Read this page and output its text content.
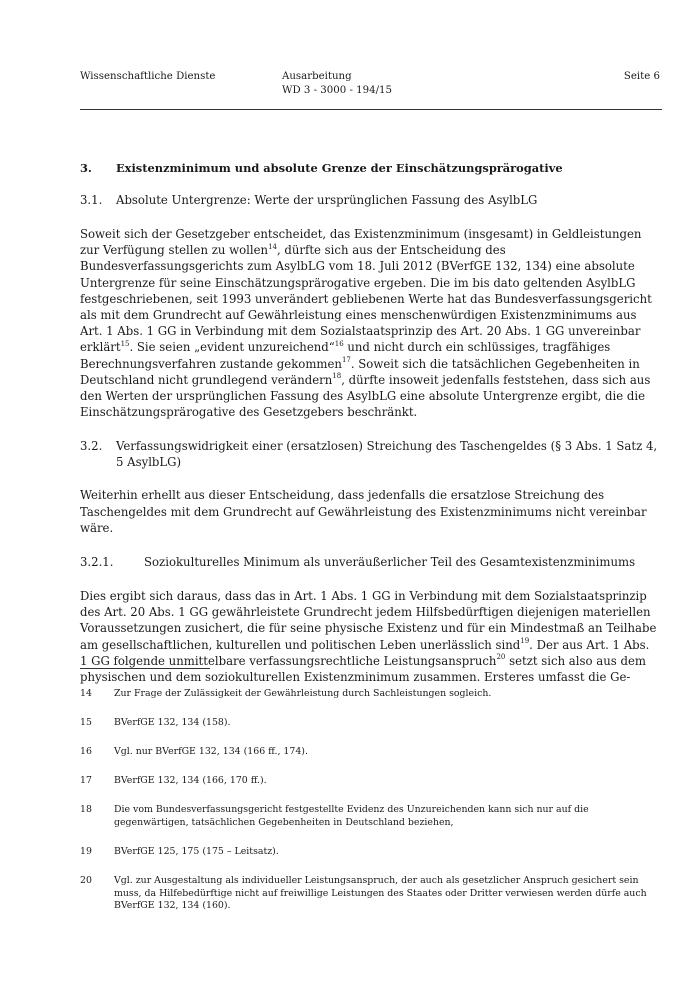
Wissenschaftliche Dienste	Ausarbeitung
WD 3 - 3000 - 194/15
Seite 6
3. Existenzminimum und absolute Grenze der Einschätzungsprärogative
3.1. Absolute Untergrenze: Werte der ursprünglichen Fassung des AsylbLG

Soweit sich der Gesetzgeber entscheidet, das Existenzminimum (insgesamt) in Geldleistungen zur Verfügung stellen zu wollen$^{14}$, dürfte sich aus der Entscheidung des Bundesverfassungsgerichts zum AsylbLG vom 18. Juli 2012 (BVerfGE 132, 134) eine absolute Untergrenze für seine Einschätzungsprärogative ergeben. Die im bis dato geltenden AsylbLG festgeschriebenen, seit 1993 unverändert gebliebenen Werte hat das Bundesverfassungsgericht als mit dem Grundrecht auf Gewährleistung eines menschenwürdigen Existenzminimums aus Art. 1 Abs. 1 GG in Verbindung mit dem Sozialstaatsprinzip des Art. 20 Abs. 1 GG unvereinbar erklärt$^{15}$. Sie seien „evident unzureichend“$^{16}$ und nicht durch ein schlüssiges, tragfähiges Berechnungsverfahren zustande gekommen$^{17}$. Soweit sich die tatsächlichen Gegebenheiten in Deutschland nicht grundlegend verändern$^{18}$, dürfte insoweit jedenfalls feststehen, dass sich aus den Werten der ursprünglichen Fassung des AsylbLG eine absolute Untergrenze ergibt, die die Einschätzungsprärogative des Gesetzgebers beschränkt.

3.2.	Verfassungswidrigkeit einer (ersatzlosen) Streichung des Taschengeldes (§ 3 Abs. 1 Satz 4, 5 AsylbLG)

Weiterhin erhellt aus dieser Entscheidung, dass jedenfalls die ersatzlose Streichung des Taschengeldes mit dem Grundrecht auf Gewährleistung des Existenzminimums nicht vereinbar wäre.

3.2.1.	Soziokulturelles Minimum als unveräußerlicher Teil des Gesamtexistenzminimums

Dies ergibt sich daraus, dass das in Art. 1 Abs. 1 GG in Verbindung mit dem Sozialstaatsprinzip des Art. 20 Abs. 1 GG gewährleistete Grundrecht jedem Hilfsbedürftigen diejenigen materiellen Voraussetzungen zusichert, die für seine physische Existenz und für ein Mindestmaß an Teilhabe am gesellschaftlichen, kulturellen und politischen Leben unerlässlich sind$^{19}$. Der aus Art. 1 Abs. 1 GG folgende unmittelbare verfassungsrechtliche Leistungsanspruch$^{20}$ setzt sich also aus dem physischen und dem soziokulturellen Existenzminimum zusammen. Ersteres umfasst die Ge-

14	Zur Frage der Zulässigkeit der Gewährleistung durch Sachleistungen sogleich.
15	BVerfGE 132, 134 (158).
16	Vgl. nur BVerfGE 132, 134 (166 ff., 174).
17	BVerfGE 132, 134 (166, 170 ff.).
18	Die vom Bundesverfassungsgericht festgestellte Evidenz des Unzureichenden kann sich nur auf die gegenwärtigen, tatsächlichen Gegebenheiten in Deutschland beziehen,
19	BVerfGE 125, 175 (175 – Leitsatz).
20	Vgl. zur Ausgestaltung als individueller Leistungsanspruch, der auch als gesetzlicher Anspruch gesichert sein muss, da Hilfebedürftige nicht auf freiwillige Leistungen des Staates oder Dritter verwiesen werden dürfe auch BVerfGE 132, 134 (160).
